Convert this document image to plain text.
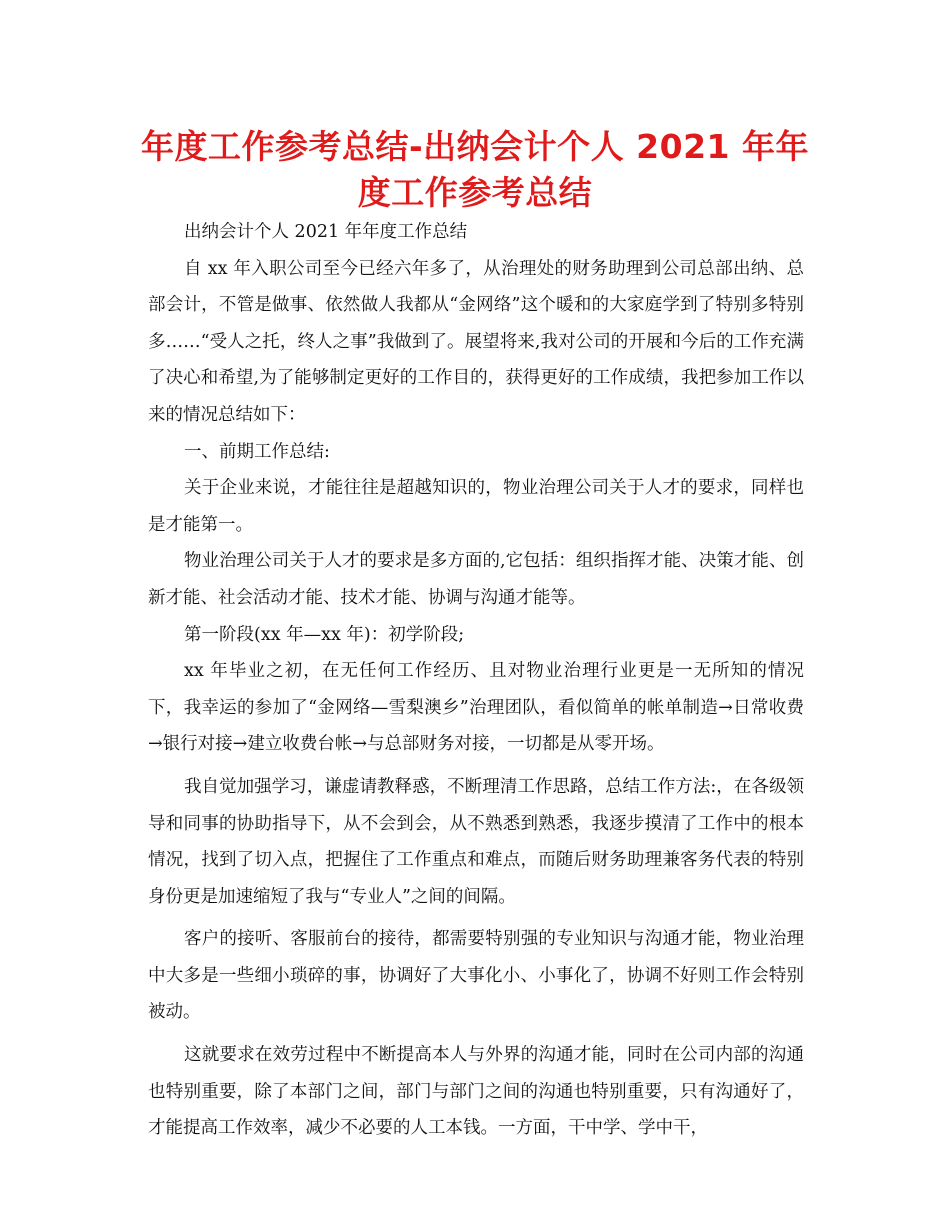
年度工作参考总结-出纳会计个人 2021 年年度工作参考总结

出纳会计个人 2021 年年度工作总结

自 xx 年入职公司至今已经六年多了，从治理处的财务助理到公司总部出纳、总部会计，不管是做事、依然做人我都从“金网络”这个暖和的大家庭学到了特别多特别多……“受人之托，终人之事”我做到了。展望将来,我对公司的开展和今后的工作充满了决心和希望,为了能够制定更好的工作目的，获得更好的工作成绩，我把参加工作以来的情况总结如下：

一、前期工作总结:

关于企业来说，才能往往是超越知识的，物业治理公司关于人才的要求，同样也是才能第一。

物业治理公司关于人才的要求是多方面的,它包括：组织指挥才能、决策才能、创新才能、社会活动才能、技术才能、协调与沟通才能等。

第一阶段(xx 年—xx 年)：初学阶段;

xx 年毕业之初，在无任何工作经历、且对物业治理行业更是一无所知的情况下，我幸运的参加了“金网络—雪梨澳乡”治理团队，看似简单的帐单制造→日常收费→银行对接→建立收费台帐→与总部财务对接，一切都是从零开场。

我自觉加强学习，谦虚请教释惑，不断理清工作思路，总结工作方法:，在各级领导和同事的协助指导下，从不会到会，从不熟悉到熟悉，我逐步摸清了工作中的根本情况，找到了切入点，把握住了工作重点和难点，而随后财务助理兼客务代表的特别身份更是加速缩短了我与“专业人”之间的间隔。

客户的接听、客服前台的接待，都需要特别强的专业知识与沟通才能，物业治理中大多是一些细小琐碎的事，协调好了大事化小、小事化了，协调不好则工作会特别被动。

这就要求在效劳过程中不断提高本人与外界的沟通才能，同时在公司内部的沟通也特别重要，除了本部门之间，部门与部门之间的沟通也特别重要，只有沟通好了，才能提高工作效率，减少不必要的人工本钱。一方面，干中学、学中干，
